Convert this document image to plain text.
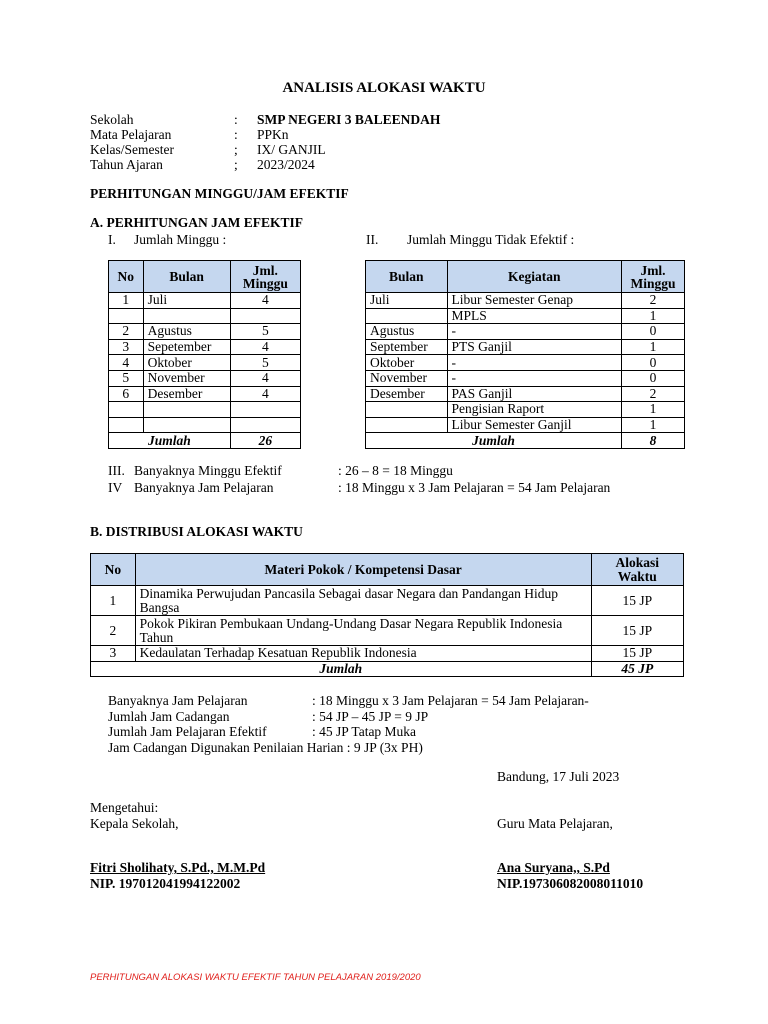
ANALISIS ALOKASI WAKTU
Sekolah	: SMP NEGERI 3 BALEENDAH
Mata Pelajaran	: PPKn
Kelas/Semester	; IX/ GANJIL
Tahun Ajaran	; 2023/2024
PERHITUNGAN MINGGU/JAM EFEKTIF
A. PERHITUNGAN JAM EFEKTIF
I. Jumlah Minggu :	II. Jumlah Minggu Tidak Efektif :
No	Bulan	Jml. Minggu
1	Juli	4

2	Agustus	5
3	Sepetember	4
4	Oktober	5
5	November	4
6	Desember	4

Jumlah		26
Bulan	Kegiatan	Jml. Minggu
Juli	Libur Semester Genap	2
	MPLS	1
Agustus	-	0
September	PTS Ganjil	1
Oktober	-	0
November	-	0
Desember	PAS Ganjil	2
	Pengisian Raport	1
	Libur Semester Ganjil	1
Jumlah		8
III. Banyaknya Minggu Efektif	: 26 – 8 = 18 Minggu
IV Banyaknya Jam Pelajaran	: 18 Minggu x 3 Jam Pelajaran = 54 Jam Pelajaran
B. DISTRIBUSI ALOKASI WAKTU
No	Materi Pokok / Kompetensi Dasar	Alokasi Waktu
1	Dinamika Perwujudan Pancasila Sebagai dasar Negara dan Pandangan Hidup Bangsa	15 JP
2	Pokok Pikiran Pembukaan Undang-Undang Dasar Negara Republik Indonesia Tahun	15 JP
3	Kedaulatan Terhadap Kesatuan Republik Indonesia	15 JP
Jumlah		45 JP
Banyaknya Jam Pelajaran	: 18 Minggu x 3 Jam Pelajaran = 54 Jam Pelajaran-
Jumlah Jam Cadangan	: 54 JP – 45 JP = 9 JP
Jumlah Jam Pelajaran Efektif	: 45 JP Tatap Muka
Jam Cadangan Digunakan Penilaian Harian : 9 JP (3x PH)
Bandung, 17 Juli 2023
Mengetahui:
Kepala Sekolah,	Guru Mata Pelajaran,
Fitri Sholihaty, S.Pd., M.M.Pd
NIP. 197012041994122002
Ana Suryana,, S.Pd
NIP.197306082008011010
PERHITUNGAN ALOKASI WAKTU EFEKTIF TAHUN PELAJARAN 2019/2020
